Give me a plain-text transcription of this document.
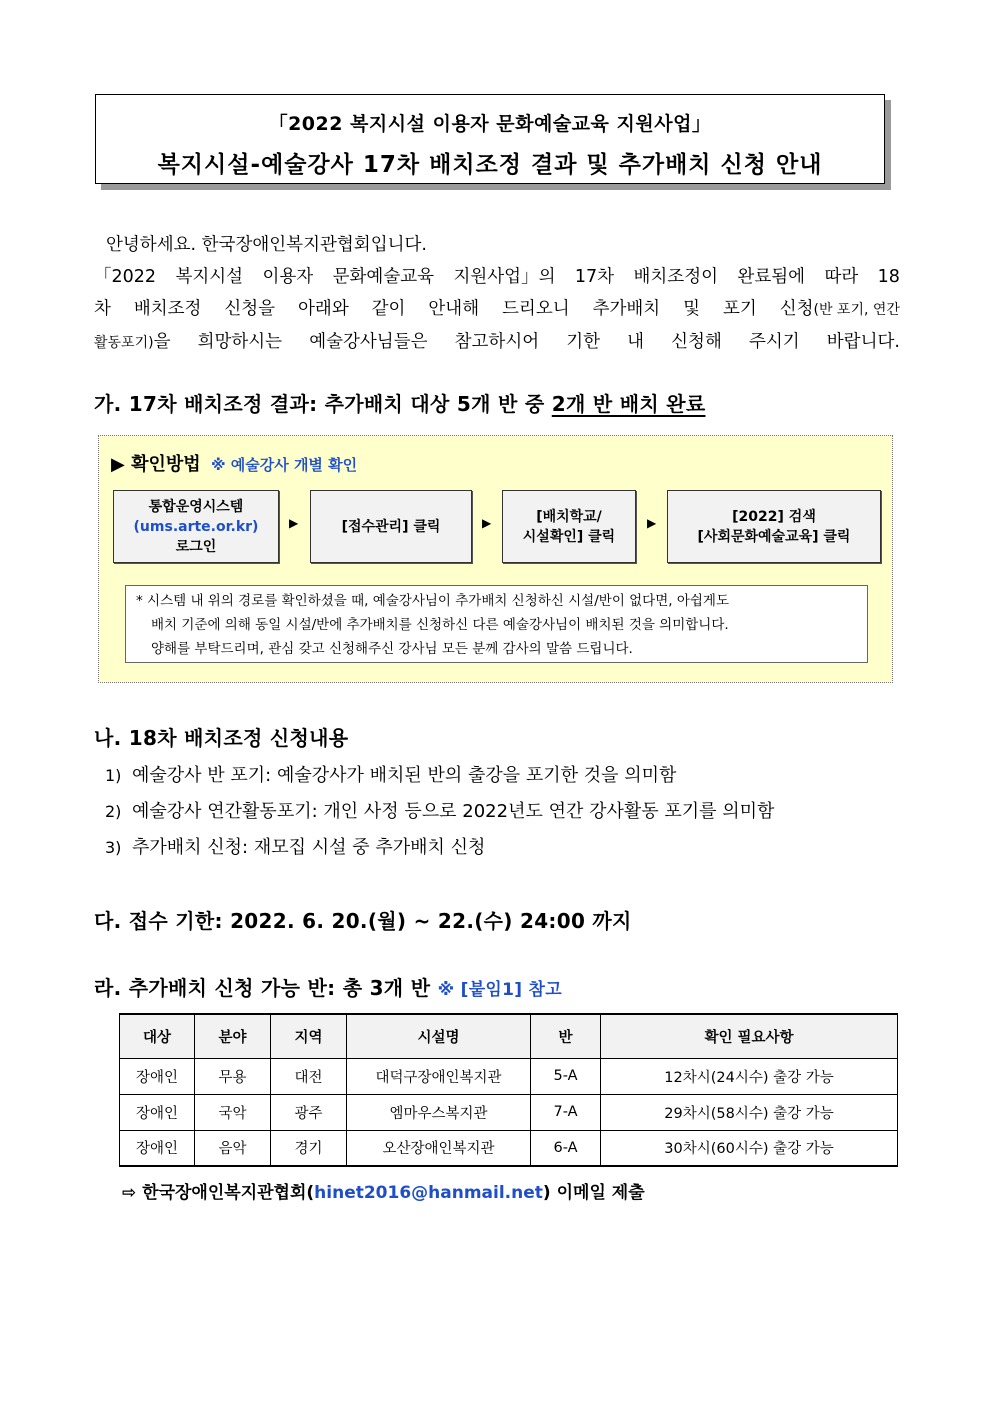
「2022 복지시설 이용자 문화예술교육 지원사업」
복지시설-예술강사 17차 배치조정 결과 및 추가배치 신청 안내
안녕하세요. 한국장애인복지관협회입니다.
「2022 복지시설 이용자 문화예술교육 지원사업」의 17차 배치조정이 완료됨에 따라 18
차 배치조정 신청을 아래와 같이 안내해 드리오니 추가배치 및 포기 신청(반 포기, 연간
활동포기)을 희망하시는 예술강사님들은 참고하시어 기한 내 신청해 주시기 바랍니다.
가. 17차 배치조정 결과: 추가배치 대상 5개 반 중 2개 반 배치 완료
▶ 확인방법 ※ 예술강사 개별 확인
통합운영시스템
(ums.arte.or.kr)
로그인
▶	[접수관리] 클릭	▶	[배치학교/
시설확인] 클릭
▶	[2022] 검색
[사회문화예술교육] 클릭
* 시스템 내 위의 경로를 확인하셨을 때, 예술강사님이 추가배치 신청하신 시설/반이 없다면, 아쉽게도
배치 기준에 의해 동일 시설/반에 추가배치를 신청하신 다른 예술강사님이 배치된 것을 의미합니다.
양해를 부탁드리며, 관심 갖고 신청해주신 강사님 모든 분께 감사의 말씀 드립니다.
나. 18차 배치조정 신청내용
1) 예술강사 반 포기: 예술강사가 배치된 반의 출강을 포기한 것을 의미함
2) 예술강사 연간활동포기: 개인 사정 등으로 2022년도 연간 강사활동 포기를 의미함
3) 추가배치 신청: 재모집 시설 중 추가배치 신청
다. 접수 기한: 2022. 6. 20.(월) ~ 22.(수) 24:00 까지
라. 추가배치 신청 가능 반: 총 3개 반 ※ [붙임1] 참고
대상	분야	지역	시설명	반	확인 필요사항
장애인	무용	대전	대덕구장애인복지관	5-A	12차시(24시수) 출강 가능
장애인	국악	광주	엠마우스복지관	7-A	29차시(58시수) 출강 가능
장애인	음악	경기	오산장애인복지관	6-A	30차시(60시수) 출강 가능
⇨ 한국장애인복지관협회(hinet2016@hanmail.net) 이메일 제출
